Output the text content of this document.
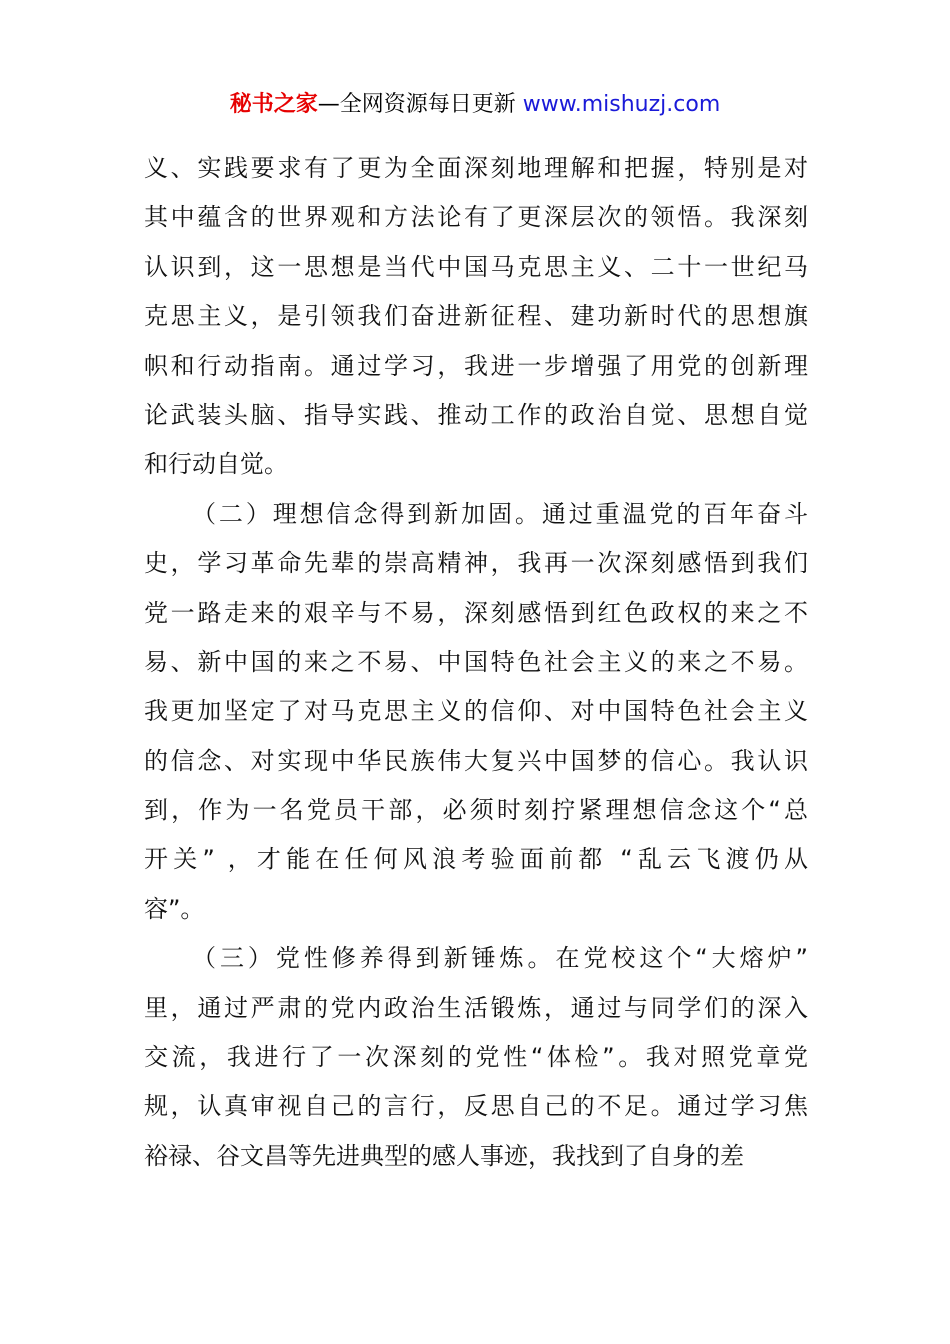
秘书之家—全网资源每日更新 www.mishuzj.com
义、实践要求有了更为全面深刻地理解和把握，特别是对
其中蕴含的世界观和方法论有了更深层次的领悟。我深刻
认识到，这一思想是当代中国马克思主义、二十一世纪马
克思主义，是引领我们奋进新征程、建功新时代的思想旗
帜和行动指南。通过学习，我进一步增强了用党的创新理
论武装头脑、指导实践、推动工作的政治自觉、思想自觉
和行动自觉。
（二）理想信念得到新加固。通过重温党的百年奋斗
史，学习革命先辈的崇高精神，我再一次深刻感悟到我们
党一路走来的艰辛与不易，深刻感悟到红色政权的来之不
易、新中国的来之不易、中国特色社会主义的来之不易。
我更加坚定了对马克思主义的信仰、对中国特色社会主义
的信念、对实现中华民族伟大复兴中国梦的信心。我认识
到，作为一名党员干部，必须时刻拧紧理想信念这个“总
开关” ，才能在任何风浪考验面前都 “乱云飞渡仍从
容”。
（三）党性修养得到新锤炼。在党校这个“大熔炉”
里，通过严肃的党内政治生活锻炼，通过与同学们的深入
交流，我进行了一次深刻的党性“体检”。我对照党章党
规，认真审视自己的言行，反思自己的不足。通过学习焦
裕禄、谷文昌等先进典型的感人事迹，我找到了自身的差
